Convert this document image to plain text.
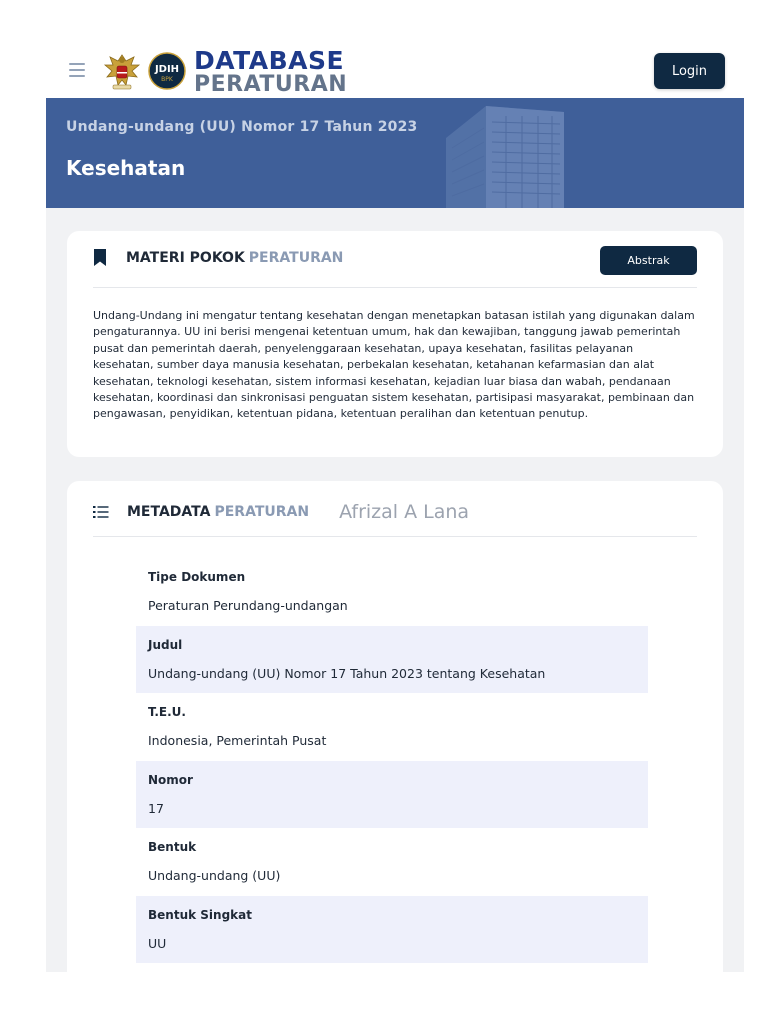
JDIH
BPK
DATABASE
PERATURAN
Login
Undang-undang (UU) Nomor 17 Tahun 2023
Kesehatan
MATERI POKOK PERATURAN	Abstrak

Undang-Undang ini mengatur tentang kesehatan dengan menetapkan batasan istilah yang digunakan dalam pengaturannya. UU ini berisi mengenai ketentuan umum, hak dan kewajiban, tanggung jawab pemerintah pusat dan pemerintah daerah, penyelenggaraan kesehatan, upaya kesehatan, fasilitas pelayanan kesehatan, sumber daya manusia kesehatan, perbekalan kesehatan, ketahanan kefarmasian dan alat kesehatan, teknologi kesehatan, sistem informasi kesehatan, kejadian luar biasa dan wabah, pendanaan kesehatan, koordinasi dan sinkronisasi penguatan sistem kesehatan, partisipasi masyarakat, pembinaan dan pengawasan, penyidikan, ketentuan pidana, ketentuan peralihan dan ketentuan penutup.

METADATA PERATURAN Afrizal A Lana
Tipe Dokumen
Peraturan Perundang-undangan
Judul
Undang-undang (UU) Nomor 17 Tahun 2023 tentang Kesehatan
T.E.U.
Indonesia, Pemerintah Pusat
Nomor
17
Bentuk
Undang-undang (UU)
Bentuk Singkat
UU
